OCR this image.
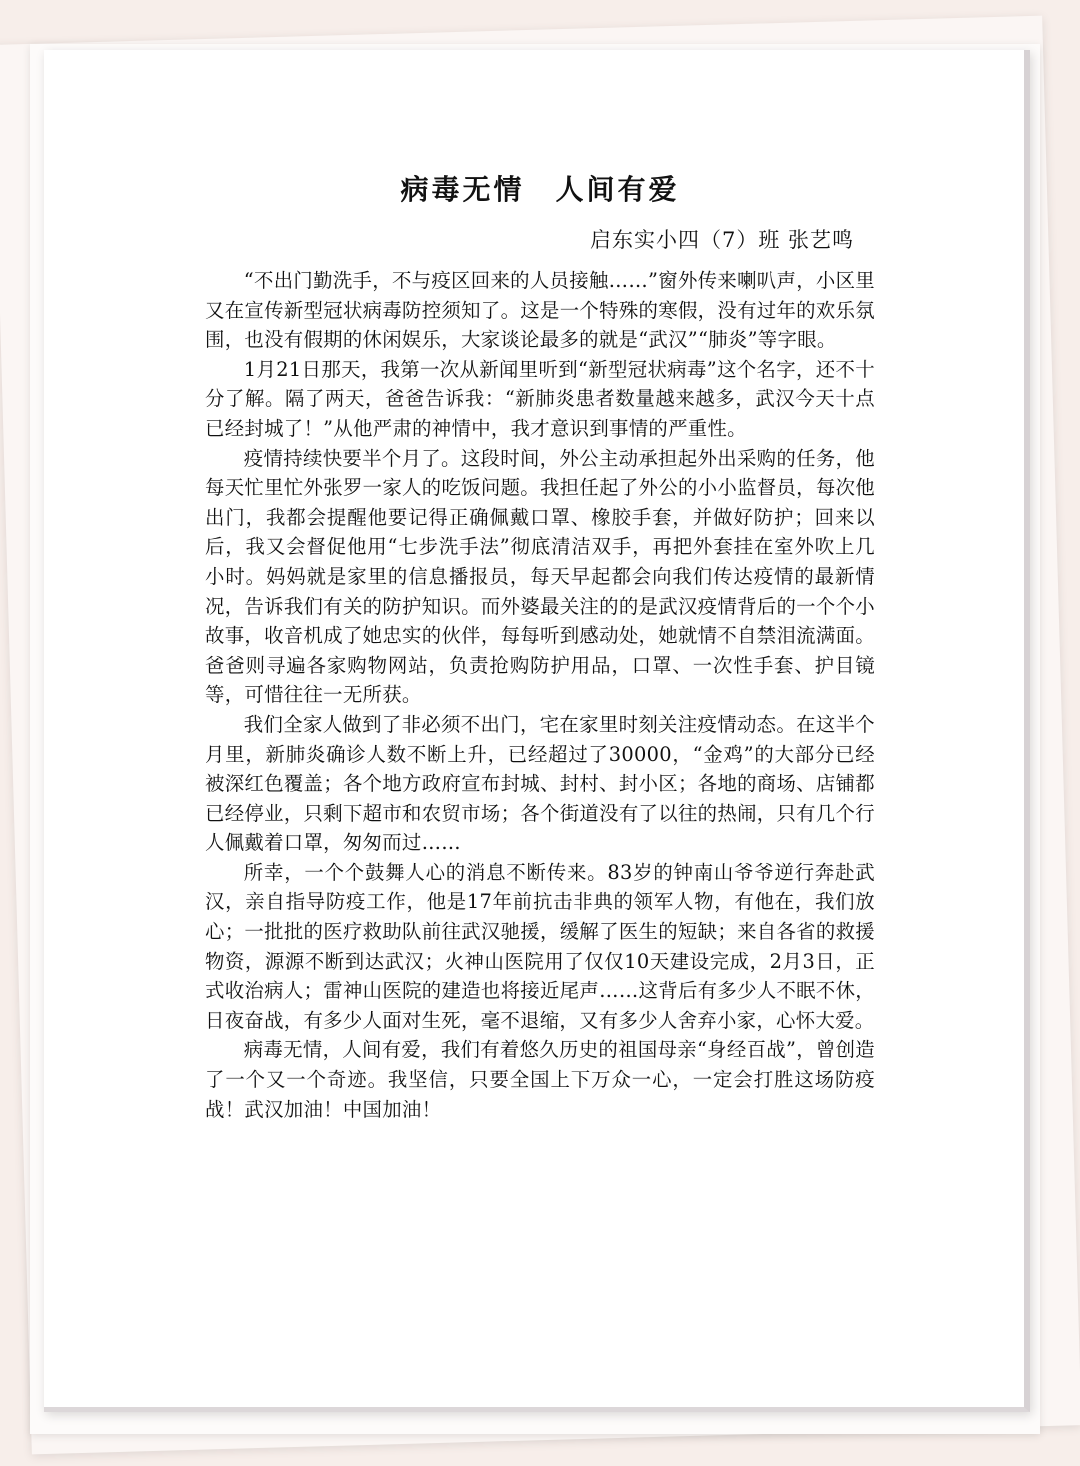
病毒无情　人间有爱
启东实小四（7）班 张艺鸣

“不出门勤洗手，不与疫区回来的人员接触……”窗外传来喇叭声，小区里又在宣传新型冠状病毒防控须知了。这是一个特殊的寒假，没有过年的欢乐氛围，也没有假期的休闲娱乐，大家谈论最多的就是“武汉”“肺炎”等字眼。

1月21日那天，我第一次从新闻里听到“新型冠状病毒”这个名字，还不十分了解。隔了两天，爸爸告诉我：“新肺炎患者数量越来越多，武汉今天十点已经封城了！”从他严肃的神情中，我才意识到事情的严重性。

疫情持续快要半个月了。这段时间，外公主动承担起外出采购的任务，他每天忙里忙外张罗一家人的吃饭问题。我担任起了外公的小小监督员，每次他出门，我都会提醒他要记得正确佩戴口罩、橡胶手套，并做好防护；回来以后，我又会督促他用“七步洗手法”彻底清洁双手，再把外套挂在室外吹上几小时。妈妈就是家里的信息播报员，每天早起都会向我们传达疫情的最新情况，告诉我们有关的防护知识。而外婆最关注的的是武汉疫情背后的一个个小故事，收音机成了她忠实的伙伴，每每听到感动处，她就情不自禁泪流满面。爸爸则寻遍各家购物网站，负责抢购防护用品，口罩、一次性手套、护目镜等，可惜往往一无所获。

我们全家人做到了非必须不出门，宅在家里时刻关注疫情动态。在这半个月里，新肺炎确诊人数不断上升，已经超过了30000，“金鸡”的大部分已经被深红色覆盖；各个地方政府宣布封城、封村、封小区；各地的商场、店铺都已经停业，只剩下超市和农贸市场；各个街道没有了以往的热闹，只有几个行人佩戴着口罩，匆匆而过……

所幸，一个个鼓舞人心的消息不断传来。83岁的钟南山爷爷逆行奔赴武汉，亲自指导防疫工作，他是17年前抗击非典的领军人物，有他在，我们放心；一批批的医疗救助队前往武汉驰援，缓解了医生的短缺；来自各省的救援物资，源源不断到达武汉；火神山医院用了仅仅10天建设完成，2月3日，正式收治病人；雷神山医院的建造也将接近尾声……这背后有多少人不眠不休，日夜奋战，有多少人面对生死，毫不退缩，又有多少人舍弃小家，心怀大爱。

病毒无情，人间有爱，我们有着悠久历史的祖国母亲“身经百战”，曾创造了一个又一个奇迹。我坚信，只要全国上下万众一心，一定会打胜这场防疫战！武汉加油！中国加油！
